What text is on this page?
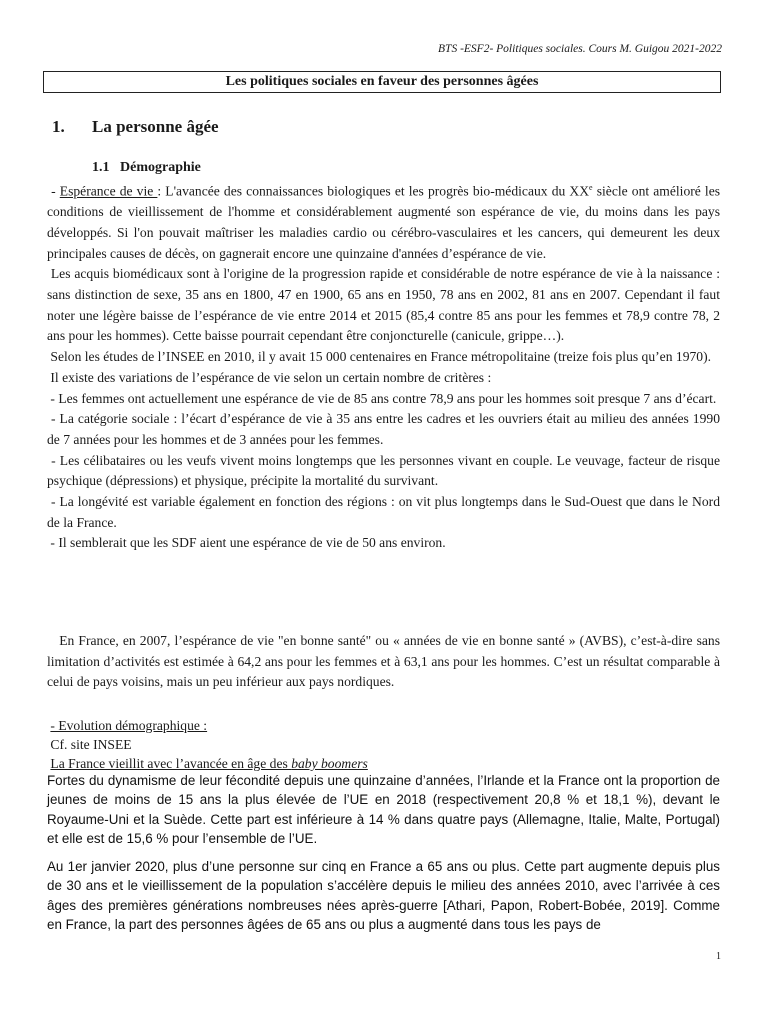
BTS -ESF2- Politiques sociales. Cours M. Guigou 2021-2022
Les politiques sociales en faveur des personnes âgées
1. La personne âgée
1.1 Démographie

- Espérance de vie : L'avancée des connaissances biologiques et les progrès bio-médicaux du XXe siècle ont amélioré les conditions de vieillissement de l'homme et considérablement augmenté son espérance de vie, du moins dans les pays développés. Si l'on pouvait maîtriser les maladies cardio ou cérébro-vasculaires et les cancers, qui demeurent les deux principales causes de décès, on gagnerait encore une quinzaine d'années d’espérance de vie.

Les acquis biomédicaux sont à l'origine de la progression rapide et considérable de notre espérance de vie à la naissance : sans distinction de sexe, 35 ans en 1800, 47 en 1900, 65 ans en 1950, 78 ans en 2002, 81 ans en 2007. Cependant il faut noter une légère baisse de l’espérance de vie entre 2014 et 2015 (85,4 contre 85 ans pour les femmes et 78,9 contre 78, 2 ans pour les hommes). Cette baisse pourrait cependant être conjoncturelle (canicule, grippe…).

Selon les études de l’INSEE en 2010, il y avait 15 000 centenaires en France métropolitaine (treize fois plus qu’en 1970).

Il existe des variations de l’espérance de vie selon un certain nombre de critères :

- Les femmes ont actuellement une espérance de vie de 85 ans contre 78,9 ans pour les hommes soit presque 7 ans d’écart.

- La catégorie sociale : l’écart d’espérance de vie à 35 ans entre les cadres et les ouvriers était au milieu des années 1990 de 7 années pour les hommes et de 3 années pour les femmes.

- Les célibataires ou les veufs vivent moins longtemps que les personnes vivant en couple. Le veuvage, facteur de risque psychique (dépressions) et physique, précipite la mortalité du survivant.

- La longévité est variable également en fonction des régions : on vit plus longtemps dans le Sud-Ouest que dans le Nord de la France.

- Il semblerait que les SDF aient une espérance de vie de 50 ans environ.

En France, en 2007, l’espérance de vie "en bonne santé" ou « années de vie en bonne santé » (AVBS), c’est-à-dire sans limitation d’activités est estimée à 64,2 ans pour les femmes et à 63,1 ans pour les hommes. C’est un résultat comparable à celui de pays voisins, mais un peu inférieur aux pays nordiques.

- Evolution démographique :

Cf. site INSEE

La France vieillit avec l’avancée en âge des baby boomers

Fortes du dynamisme de leur fécondité depuis une quinzaine d’années, l’Irlande et la France ont la proportion de jeunes de moins de 15 ans la plus élevée de l’UE en 2018 (respectivement 20,8 % et 18,1 %), devant le Royaume-Uni et la Suède. Cette part est inférieure à 14 % dans quatre pays (Allemagne, Italie, Malte, Portugal) et elle est de 15,6 % pour l’ensemble de l’UE.

Au 1er janvier 2020, plus d’une personne sur cinq en France a 65 ans ou plus. Cette part augmente depuis plus de 30 ans et le vieillissement de la population s’accélère depuis le milieu des années 2010, avec l’arrivée à ces âges des premières générations nombreuses nées après-guerre [Athari, Papon, Robert-Bobée, 2019]. Comme en France, la part des personnes âgées de 65 ans ou plus a augmenté dans tous les pays de

1
